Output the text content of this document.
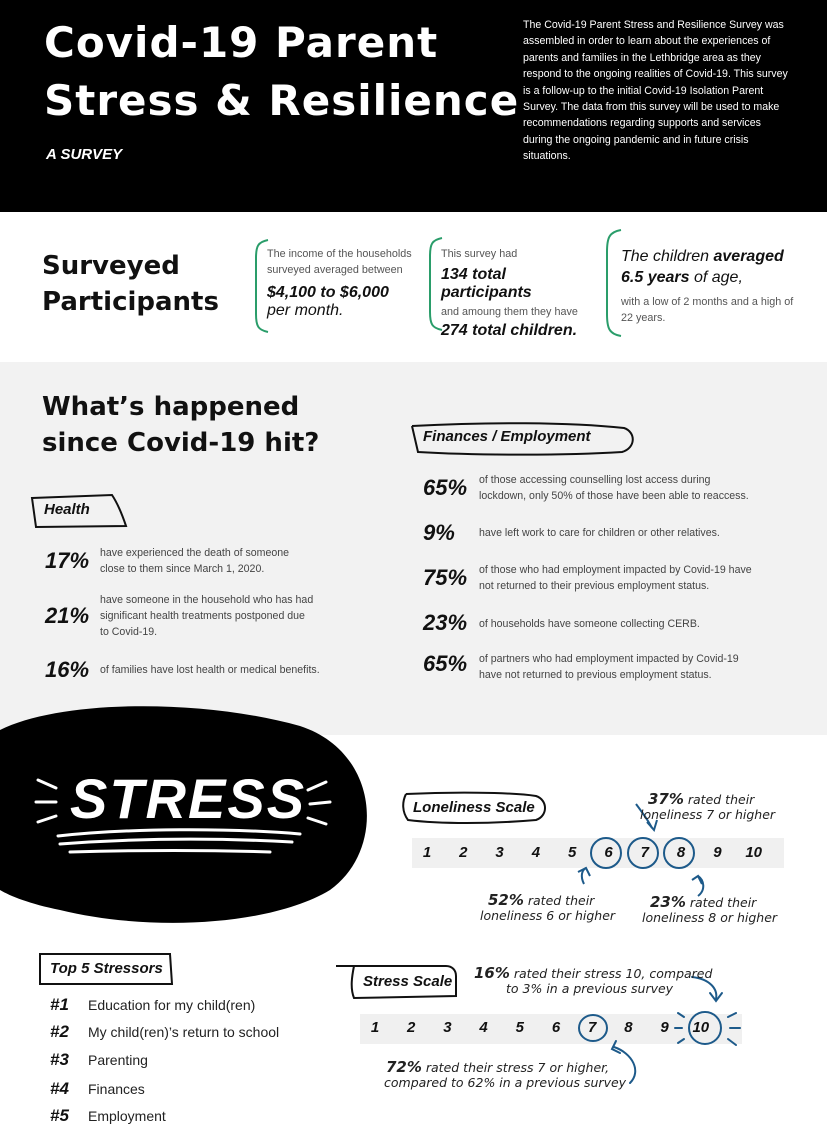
Covid-19 Parent
Stress & Resilience
A SURVEY
The Covid-19 Parent Stress and Resilience Survey was assembled in order to learn about the experiences of parents and families in the Lethbridge area as they respond to the ongoing realities of Covid-19. This survey is a follow-up to the initial Covid-19 Isolation Parent Survey. The data from this survey will be used to make recommendations regarding supports and services during the ongoing pandemic and in future crisis situations.
Surveyed
Participants
The income of the households surveyed averaged between
$4,100 to $6,000
per month.
This survey had
134 total participants
and amoung them they have
274 total children.
The children averaged
6.5 years of age,
with a low of 2 months and a high of 22 years.
What’s happened
since Covid-19 hit?
Health
17% have experienced the death of someone close to them since March 1, 2020.
21%
have someone in the household who has had significant health treatments postponed due to Covid-19.
16% of families have lost health or medical benefits.
Finances / Employment
65% of those accessing counselling lost access during lockdown, only 50% of those have been able to reaccess.
9% have left work to care for children or other relatives.
75% of those who had employment impacted by Covid-19 have not returned to their previous employment status.
23% of households have someone collecting CERB.
65% of partners who had employment impacted by Covid-19 have not returned to previous employment status.
STRESS	Loneliness Scale
1	2	3	4	5	6	7	8	9	10
37% rated their
loneliness 7 or higher
52% rated their
loneliness 6 or higher
23% rated their
loneliness 8 or higher
Top 5 Stressors
#1 Education for my child(ren)
#2 My child(ren)’s return to school
#3 Parenting
#4 Finances
#5 Employment
Stress Scale
1	2	3	4	5	6	7	8	9	10
16% rated their stress 10, compared
to 3% in a previous survey
72% rated their stress 7 or higher,
compared to 62% in a previous survey
